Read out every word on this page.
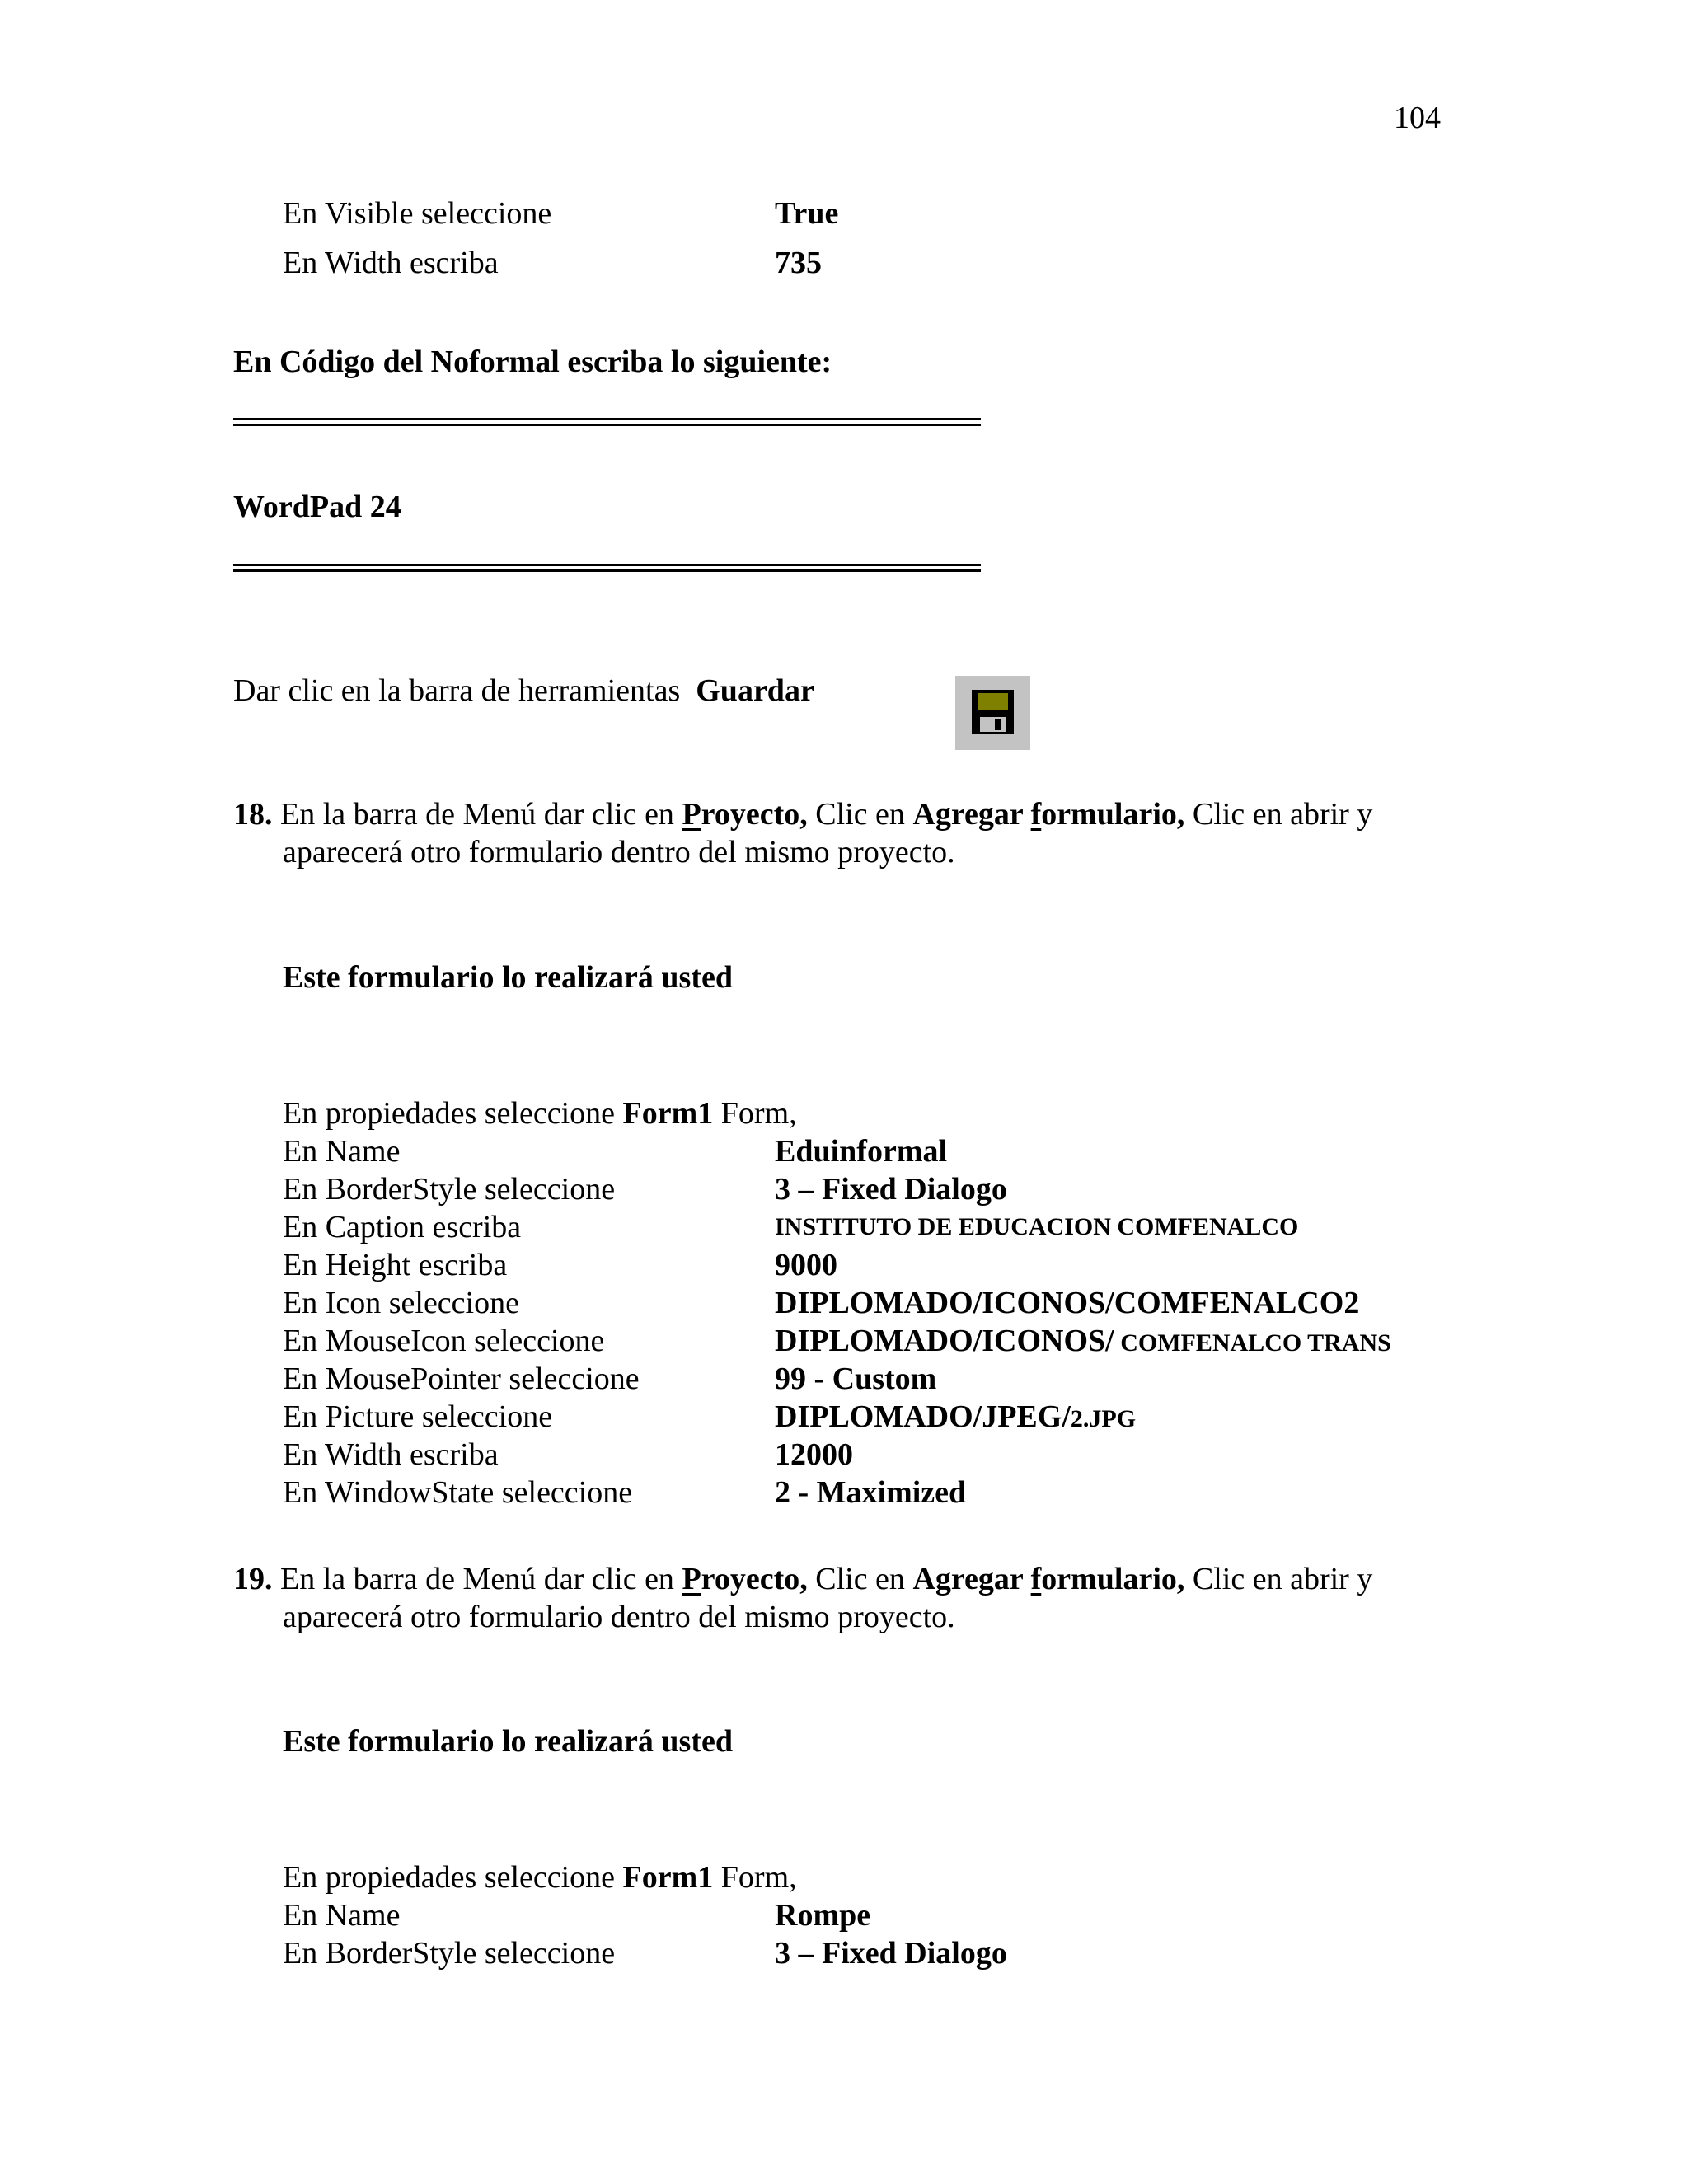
104
En Visible seleccione	True
En Width escriba	735
En Código del Noformal escriba lo siguiente:
WordPad 24
Dar clic en la barra de herramientas Guardar
18. En la barra de Menú dar clic en Proyecto, Clic en Agregar formulario, Clic en abrir y
aparecerá otro formulario dentro del mismo proyecto.
Este formulario lo realizará usted
En propiedades seleccione Form1 Form,
En Name	Eduinformal
En BorderStyle seleccione	3 – Fixed Dialogo
En Caption escriba	INSTITUTO DE EDUCACION COMFENALCO
En Height escriba	9000
En Icon seleccione	DIPLOMADO/ICONOS/COMFENALCO2
En MouseIcon seleccione	DIPLOMADO/ICONOS/ COMFENALCO TRANS
En MousePointer seleccione	99 - Custom
En Picture seleccione	DIPLOMADO/JPEG/2.JPG
En Width escriba	12000
En WindowState seleccione	2 - Maximized
19. En la barra de Menú dar clic en Proyecto, Clic en Agregar formulario, Clic en abrir y
aparecerá otro formulario dentro del mismo proyecto.
Este formulario lo realizará usted
En propiedades seleccione Form1 Form,
En Name	Rompe
En BorderStyle seleccione	3 – Fixed Dialogo
